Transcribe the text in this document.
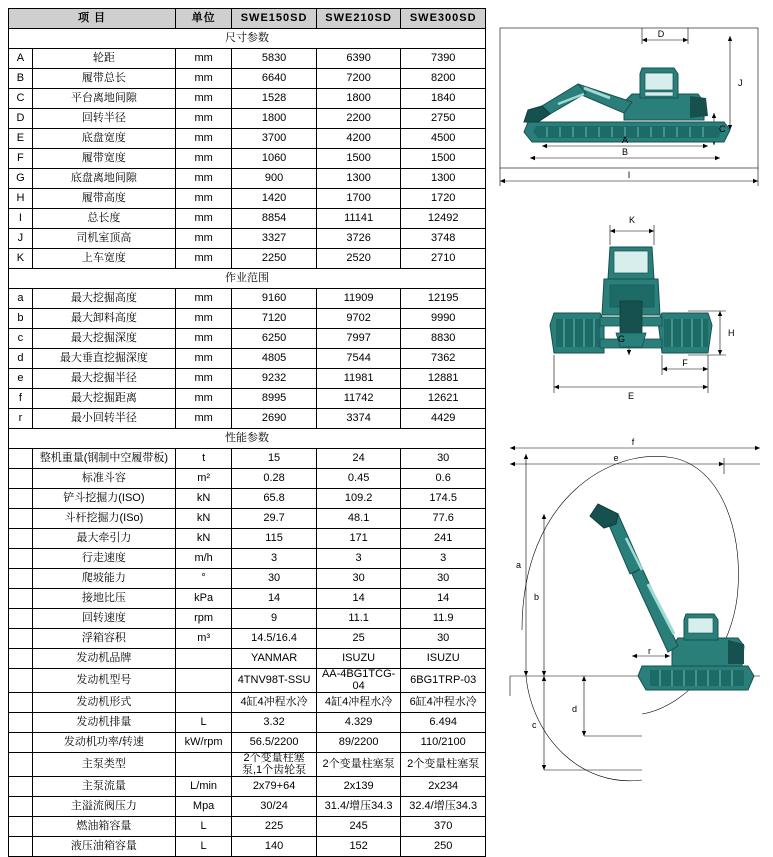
项 目		单位	SWE150SD	SWE210SD	SWE300SD
尺寸参数					
A	轮距	mm	5830	6390	7390
B	履带总长	mm	6640	7200	8200
C	平台离地间隙	mm	1528	1800	1840
D	回转半径	mm	1800	2200	2750
E	底盘宽度	mm	3700	4200	4500
F	履带宽度	mm	1060	1500	1500
G	底盘离地间隙	mm	900	1300	1300
H	履带高度	mm	1420	1700	1720
I	总长度	mm	8854	11141	12492
J	司机室顶高	mm	3327	3726	3748
K	上车宽度	mm	2250	2520	2710
作业范围					
a	最大挖掘高度	mm	9160	11909	12195
b	最大卸料高度	mm	7120	9702	9990
c	最大挖掘深度	mm	6250	7997	8830
d	最大垂直挖掘深度	mm	4805	7544	7362
e	最大挖掘半径	mm	9232	11981	12881
f	最大挖掘距离	mm	8995	11742	12621
r	最小回转半径	mm	2690	3374	4429
性能参数					
	整机重量(钢制中空履带板)	t	15	24	30
	标准斗容	m²	0.28	0.45	0.6
	铲斗挖掘力(ISO)	kN	65.8	109.2	174.5
	斗杆挖掘力(ISo)	kN	29.7	48.1	77.6
	最大牵引力	kN	115	171	241
	行走速度	m/h	3	3	3
	爬坡能力	°	30	30	30
	接地比压	kPa	14	14	14
	回转速度	rpm	9	11.1	11.9
	浮箱容积	m³	14.5/16.4	25	30
	发动机品牌		YANMAR	ISUZU	ISUZU
	发动机型号		4TNV98T-SSU	AA-4BG1TCG-04	6BG1TRP-03
	发动机形式		4缸4冲程水冷	4缸4冲程水冷	6缸4冲程水冷
	发动机排量	L	3.32	4.329	6.494
	发动机功率/转速	kW/rpm	56.5/2200	89/2200	110/2100
	主泵类型		2个变量柱塞泵,1个齿轮泵	2个变量柱塞泵	2个变量柱塞泵
	主泵流量	L/min	2x79+64	2x139	2x234
	主溢流阀压力	Mpa	30/24	31.4/增压34.3	32.4/增压34.3
	燃油箱容量	L	225	245	370
	液压油箱容量	L	140	152	250
D
J
C
A
B
I
K
G
H
F
E
f
e
a
b
r
c
d
